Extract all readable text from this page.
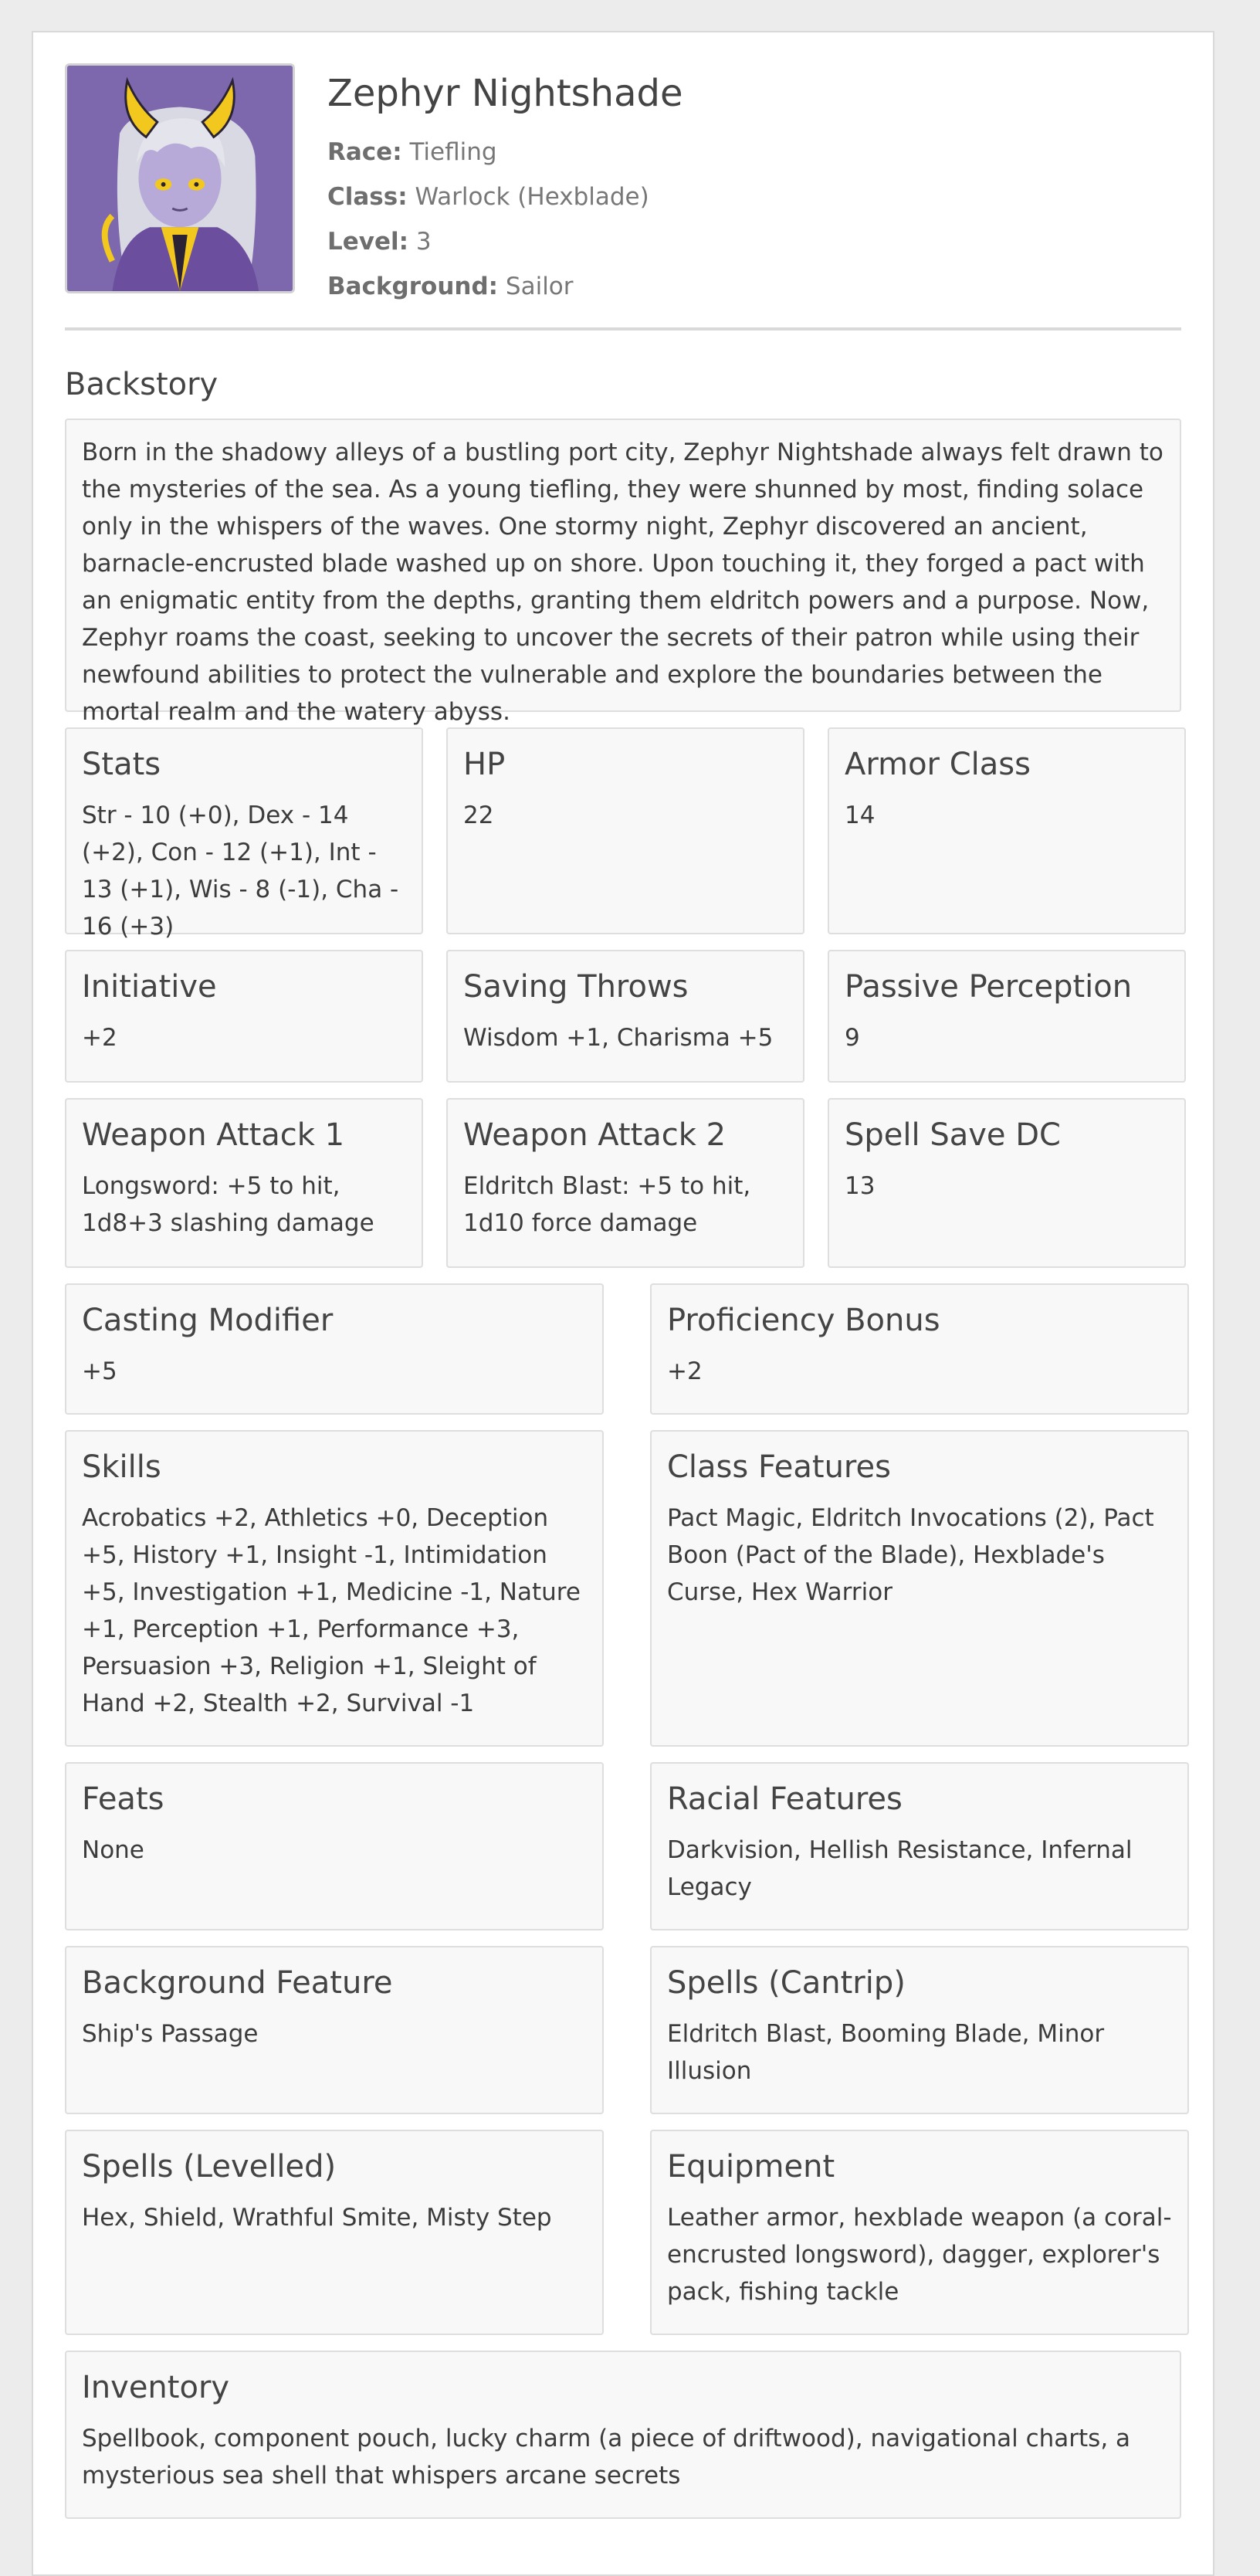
Zephyr Nightshade
Race: Tiefling
Class: Warlock (Hexblade)
Level: 3
Background: Sailor
Backstory
Born in the shadowy alleys of a bustling port city, Zephyr Nightshade always felt drawn to the mysteries of the sea. As a young tiefling, they were shunned by most, finding solace only in the whispers of the waves. One stormy night, Zephyr discovered an ancient, barnacle-encrusted blade washed up on shore. Upon touching it, they forged a pact with an enigmatic entity from the depths, granting them eldritch powers and a purpose. Now, Zephyr roams the coast, seeking to uncover the secrets of their patron while using their newfound abilities to protect the vulnerable and explore the boundaries between the mortal realm and the watery abyss.
Stats
Str - 10 (+0), Dex - 14 (+2), Con - 12 (+1), Int - 13 (+1), Wis - 8 (-1), Cha - 16 (+3)
HP
22
Armor Class
14
Initiative
+2
Saving Throws
Wisdom +1, Charisma +5
Passive Perception
9
Weapon Attack 1
Longsword: +5 to hit, 1d8+3 slashing damage
Weapon Attack 2
Eldritch Blast: +5 to hit, 1d10 force damage
Spell Save DC
13
Casting Modifier
+5
Proficiency Bonus
+2
Skills
Acrobatics +2, Athletics +0, Deception +5, History +1, Insight -1, Intimidation +5, Investigation +1, Medicine -1, Nature +1, Perception +1, Performance +3, Persuasion +3, Religion +1, Sleight of Hand +2, Stealth +2, Survival -1
Class Features
Pact Magic, Eldritch Invocations (2), Pact Boon (Pact of the Blade), Hexblade's Curse, Hex Warrior
Feats
None
Racial Features
Darkvision, Hellish Resistance, Infernal Legacy
Background Feature
Ship's Passage
Spells (Cantrip)
Eldritch Blast, Booming Blade, Minor Illusion
Spells (Levelled)
Hex, Shield, Wrathful Smite, Misty Step
Equipment
Leather armor, hexblade weapon (a coral-encrusted longsword), dagger, explorer's pack, fishing tackle
Inventory
Spellbook, component pouch, lucky charm (a piece of driftwood), navigational charts, a mysterious sea shell that whispers arcane secrets
